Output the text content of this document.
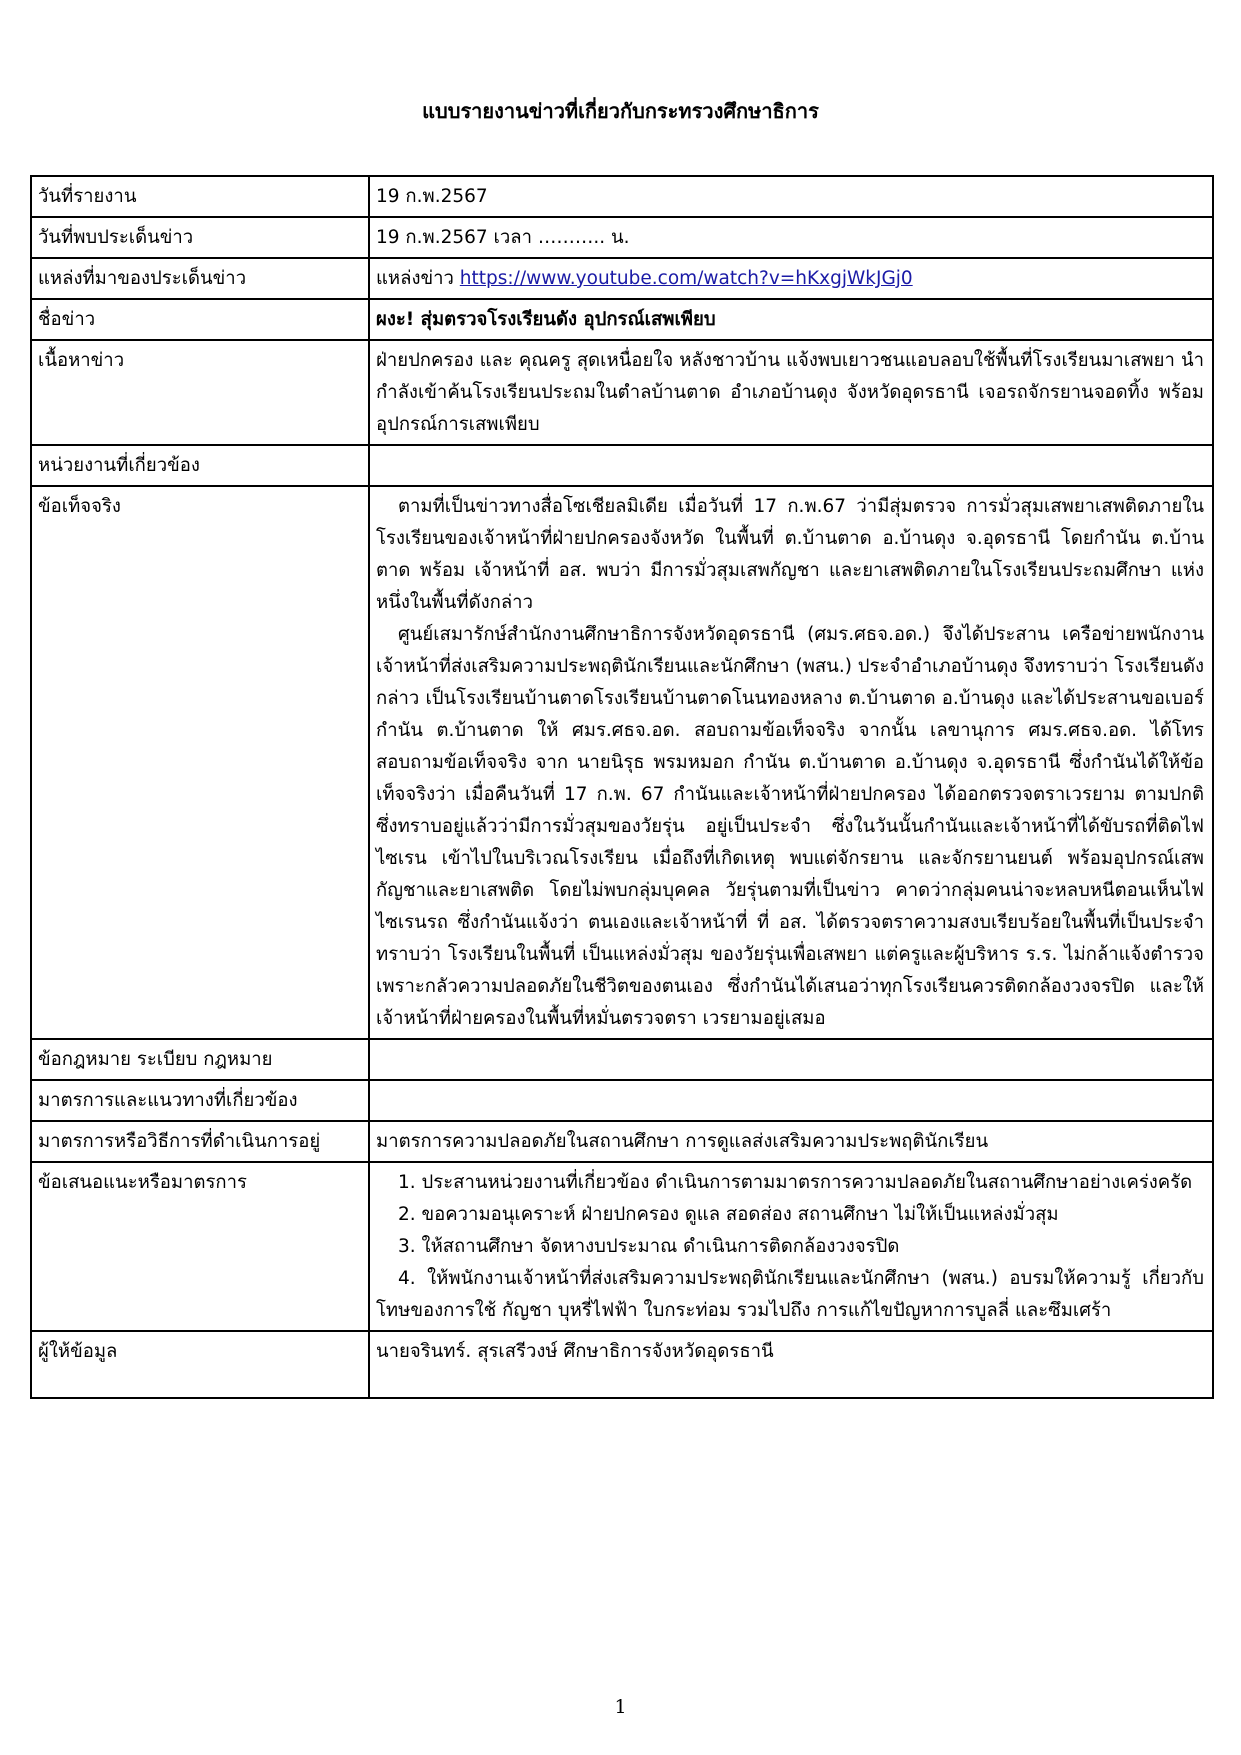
แบบรายงานข่าวที่เกี่ยวกับกระทรวงศึกษาธิการ
วันที่รายงาน	19 ก.พ.2567
วันที่พบประเด็นข่าว	19 ก.พ.2567 เวลา ……….. น.
แหล่งที่มาของประเด็นข่าว	แหล่งข่าว https://www.youtube.com/watch?v=hKxgjWkJGj0
ชื่อข่าว	ผงะ! สุ่มตรวจโรงเรียนดัง อุปกรณ์เสพเพียบ
เนื้อหาข่าว	ฝ่ายปกครอง และ คุณครู สุดเหนื่อยใจ หลังชาวบ้าน แจ้งพบเยาวชนแอบลอบใช้พื้นที่โรงเรียนมาเสพยา นำกำลังเข้าค้นโรงเรียนประถมในตำลบ้านตาด อำเภอบ้านดุง จังหวัดอุดรธานี เจอรถจักรยานจอดทิ้ง พร้อมอุปกรณ์การเสพเพียบ
หน่วยงานที่เกี่ยวข้อง	
ข้อเท็จจริง	ตามที่เป็นข่าวทางสื่อโซเชียลมิเดีย เมื่อวันที่ 17 ก.พ.67 ว่ามีสุ่มตรวจ การมั่วสุมเสพยาเสพติดภายในโรงเรียนของเจ้าหน้าที่ฝ่ายปกครองจังหวัด ในพื้นที่ ต.บ้านตาด อ.บ้านดุง จ.อุดรธานี โดยกำนัน ต.บ้านตาด พร้อม เจ้าหน้าที่ อส. พบว่า มีการมั่วสุมเสพกัญชา และยาเสพติดภายในโรงเรียนประถมศึกษา แห่งหนึ่งในพื้นที่ดังกล่าว

ศูนย์เสมารักษ์สำนักงานศึกษาธิการจังหวัดอุดรธานี (ศมร.ศธจ.อด.) จึงได้ประสาน เครือข่ายพนักงานเจ้าหน้าที่ส่งเสริมความประพฤตินักเรียนและนักศึกษา (พสน.) ประจำอำเภอบ้านดุง จึงทราบว่า โรงเรียนดังกล่าว เป็นโรงเรียนบ้านตาดโรงเรียนบ้านตาดโนนทองหลาง ต.บ้านตาด อ.บ้านดุง และได้ประสานขอเบอร์กำนัน ต.บ้านตาด ให้ ศมร.ศธจ.อด. สอบถามข้อเท็จจริง จากนั้น เลขานุการ ศมร.ศธจ.อด. ได้โทรสอบถามข้อเท็จจริง จาก นายนิรุธ พรมหมอก กำนัน ต.บ้านตาด อ.บ้านดุง จ.อุดรธานี ซึ่งกำนันได้ให้ข้อเท็จจริงว่า เมื่อคืนวันที่ 17 ก.พ. 67 กำนันและเจ้าหน้าที่ฝ่ายปกครอง ได้ออกตรวจตราเวรยาม ตามปกติ ซึ่งทราบอยู่แล้วว่ามีการมั่วสุมของวัยรุ่น อยู่เป็นประจำ ซึ่งในวันนั้นกำนันและเจ้าหน้าที่ได้ขับรถที่ติดไฟไซเรน เข้าไปในบริเวณโรงเรียน เมื่อถึงที่เกิดเหตุ พบแต่จักรยาน และจักรยานยนต์ พร้อมอุปกรณ์เสพกัญชาและยาเสพติด โดยไม่พบกลุ่มบุคคล วัยรุ่นตามที่เป็นข่าว คาดว่ากลุ่มคนน่าจะหลบหนีตอนเห็นไฟไซเรนรถ ซึ่งกำนันแจ้งว่า ตนเองและเจ้าหน้าที่ ที่ อส. ได้ตรวจตราความสงบเรียบร้อยในพื้นที่เป็นประจำ ทราบว่า โรงเรียนในพื้นที่ เป็นแหล่งมั่วสุม ของวัยรุ่นเพื่อเสพยา แต่ครูและผู้บริหาร ร.ร. ไม่กล้าแจ้งตำรวจ เพราะกลัวความปลอดภัยในชีวิตของตนเอง ซึ่งกำนันได้เสนอว่าทุกโรงเรียนควรติดกล้องวงจรปิด และให้เจ้าหน้าที่ฝ่ายครองในพื้นที่หมั่นตรวจตรา เวรยามอยู่เสมอ

ข้อกฎหมาย ระเบียบ กฎหมาย	
มาตรการและแนวทางที่เกี่ยวข้อง	
มาตรการหรือวิธีการที่ดำเนินการอยู่	มาตรการความปลอดภัยในสถานศึกษา การดูแลส่งเสริมความประพฤตินักเรียน
ข้อเสนอแนะหรือมาตรการ	1. ประสานหน่วยงานที่เกี่ยวข้อง ดำเนินการตามมาตรการความปลอดภัยในสถานศึกษาอย่างเคร่งครัด

2. ขอความอนุเคราะห์ ฝ่ายปกครอง ดูแล สอดส่อง สถานศึกษา ไม่ให้เป็นแหล่งมั่วสุม

3. ให้สถานศึกษา จัดหางบประมาณ ดำเนินการติดกล้องวงจรปิด

4. ให้พนักงานเจ้าหน้าที่ส่งเสริมความประพฤตินักเรียนและนักศึกษา (พสน.) อบรมให้ความรู้ เกี่ยวกับ โทษของการใช้ กัญชา บุหรี่ไฟฟ้า ใบกระท่อม รวมไปถึง การแก้ไขปัญหาการบูลลี่ และซึมเศร้า

ผู้ให้ข้อมูล	นายจรินทร์. สุรเสรีวงษ์ ศึกษาธิการจังหวัดอุดรธานี
1
